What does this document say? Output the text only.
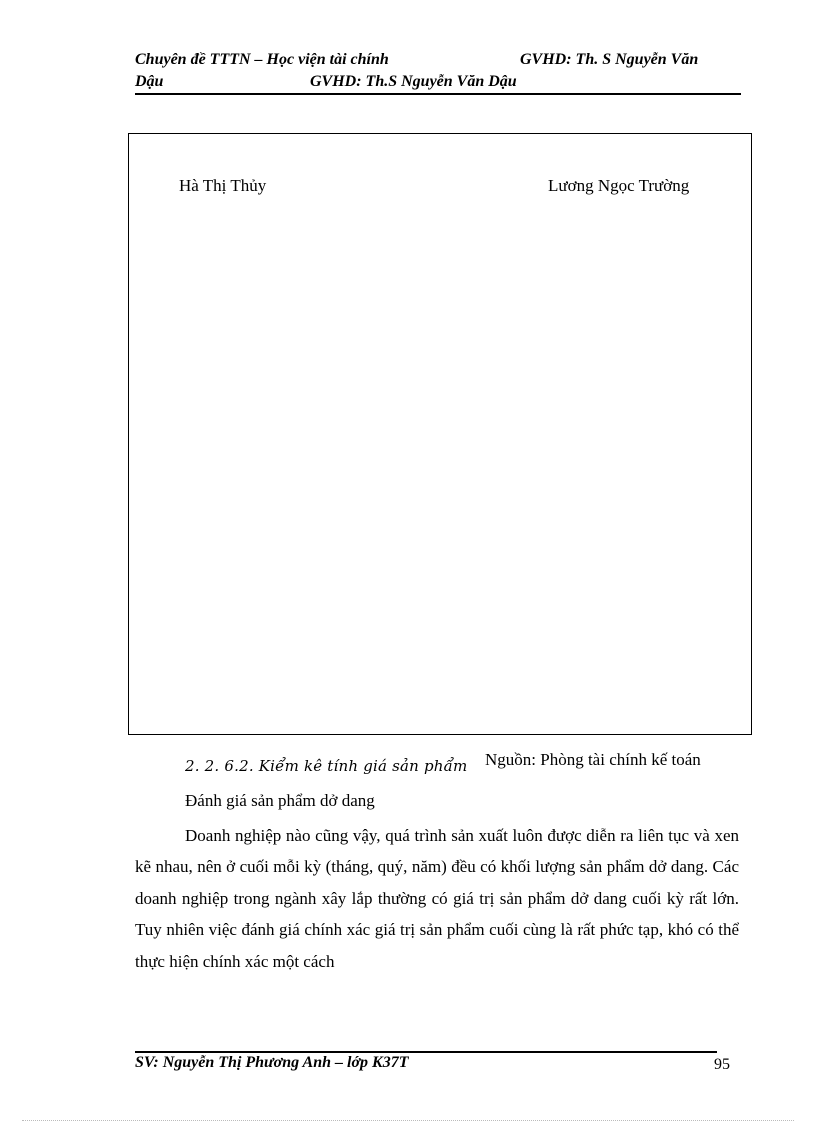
Chuyên đề TTTN – Học viện tài chính	GVHD: Th. S Nguyễn Văn
Dậu	GVHD: Th.S Nguyễn Văn Dậu
Hà Thị Thủy	Lương Ngọc Trường
2. 2. 6.2. Kiểm kê tính giá sản phẩm Nguồn: Phòng tài chính kế toán
Đánh giá sản phẩm dở dang

Doanh nghiệp nào cũng vậy, quá trình sản xuất luôn được diễn ra liên tục và xen kẽ nhau, nên ở cuối mỗi kỳ (tháng, quý, năm) đều có khối lượng sản phẩm dở dang. Các doanh nghiệp trong ngành xây lắp thường có giá trị sản phẩm dở dang cuối kỳ rất lớn. Tuy nhiên việc đánh giá chính xác giá trị sản phẩm cuối cùng là rất phức tạp, khó có thể thực hiện chính xác một cách

SV: Nguyễn Thị Phương Anh – lớp K37T	95
